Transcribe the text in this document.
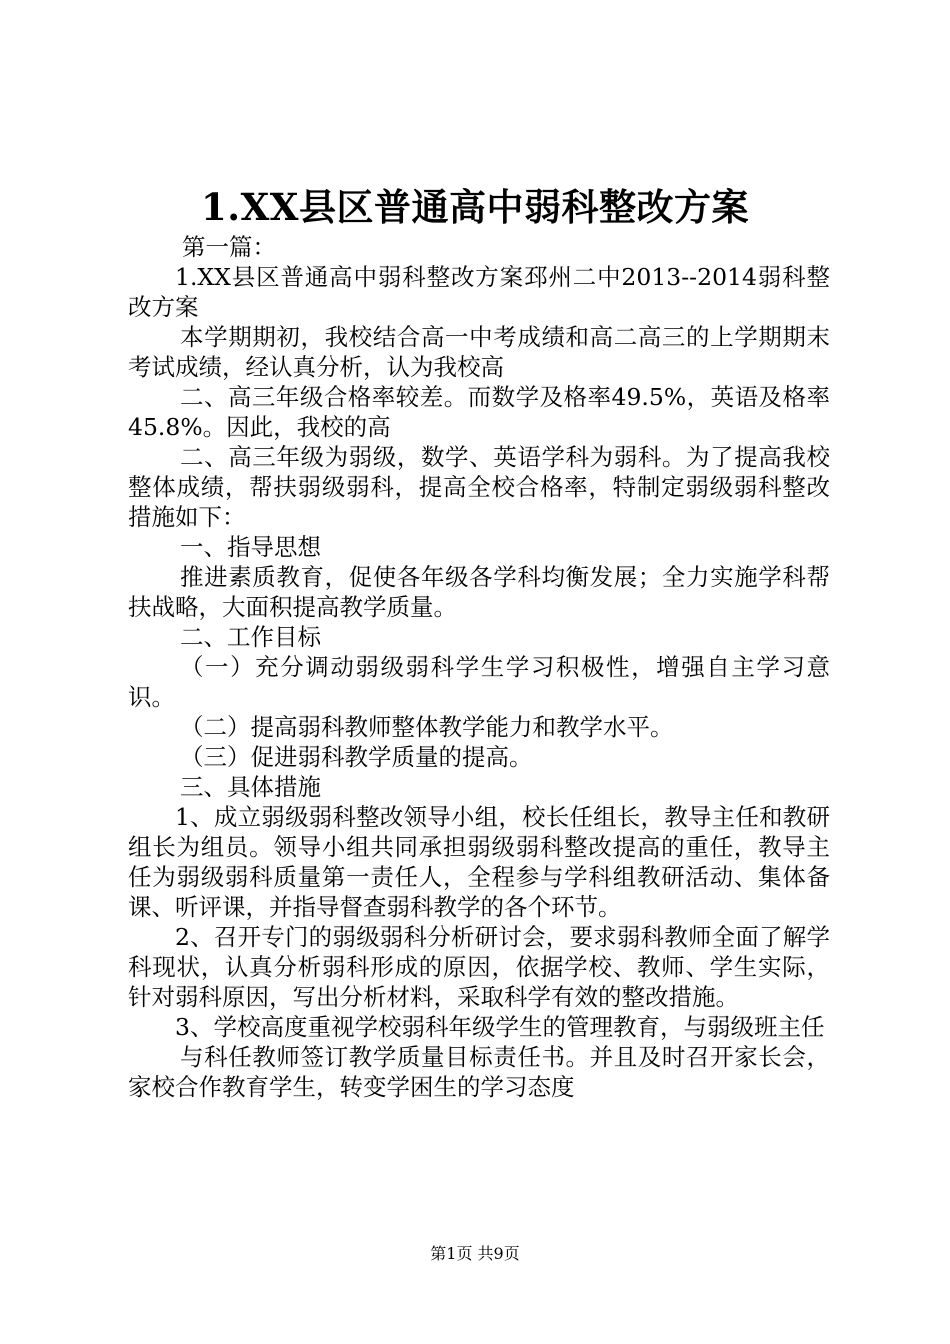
1.XX县区普通高中弱科整改方案

第一篇：

1.XX县区普通高中弱科整改方案邳州二中2013--2014弱科整改方案

本学期期初，我校结合高一中考成绩和高二高三的上学期期末考试成绩，经认真分析，认为我校高

二、高三年级合格率较差。而数学及格率49.5%，英语及格率45.8%。因此，我校的高

二、高三年级为弱级，数学、英语学科为弱科。为了提高我校整体成绩，帮扶弱级弱科，提高全校合格率，特制定弱级弱科整改措施如下：

一、指导思想

推进素质教育，促使各年级各学科均衡发展；全力实施学科帮扶战略，大面积提高教学质量。

二、工作目标

（一）充分调动弱级弱科学生学习积极性，增强自主学习意识。

（二）提高弱科教师整体教学能力和教学水平。

（三）促进弱科教学质量的提高。

三、具体措施

1、成立弱级弱科整改领导小组，校长任组长，教导主任和教研组长为组员。领导小组共同承担弱级弱科整改提高的重任，教导主任为弱级弱科质量第一责任人，全程参与学科组教研活动、集体备课、听评课，并指导督查弱科教学的各个环节。

2、召开专门的弱级弱科分析研讨会，要求弱科教师全面了解学科现状，认真分析弱科形成的原因，依据学校、教师、学生实际，针对弱科原因，写出分析材料，采取科学有效的整改措施。

3、学校高度重视学校弱科年级学生的管理教育，与弱级班主任

与科任教师签订教学质量目标责任书。并且及时召开家长会，家校合作教育学生，转变学困生的学习态度

第1页 共9页
